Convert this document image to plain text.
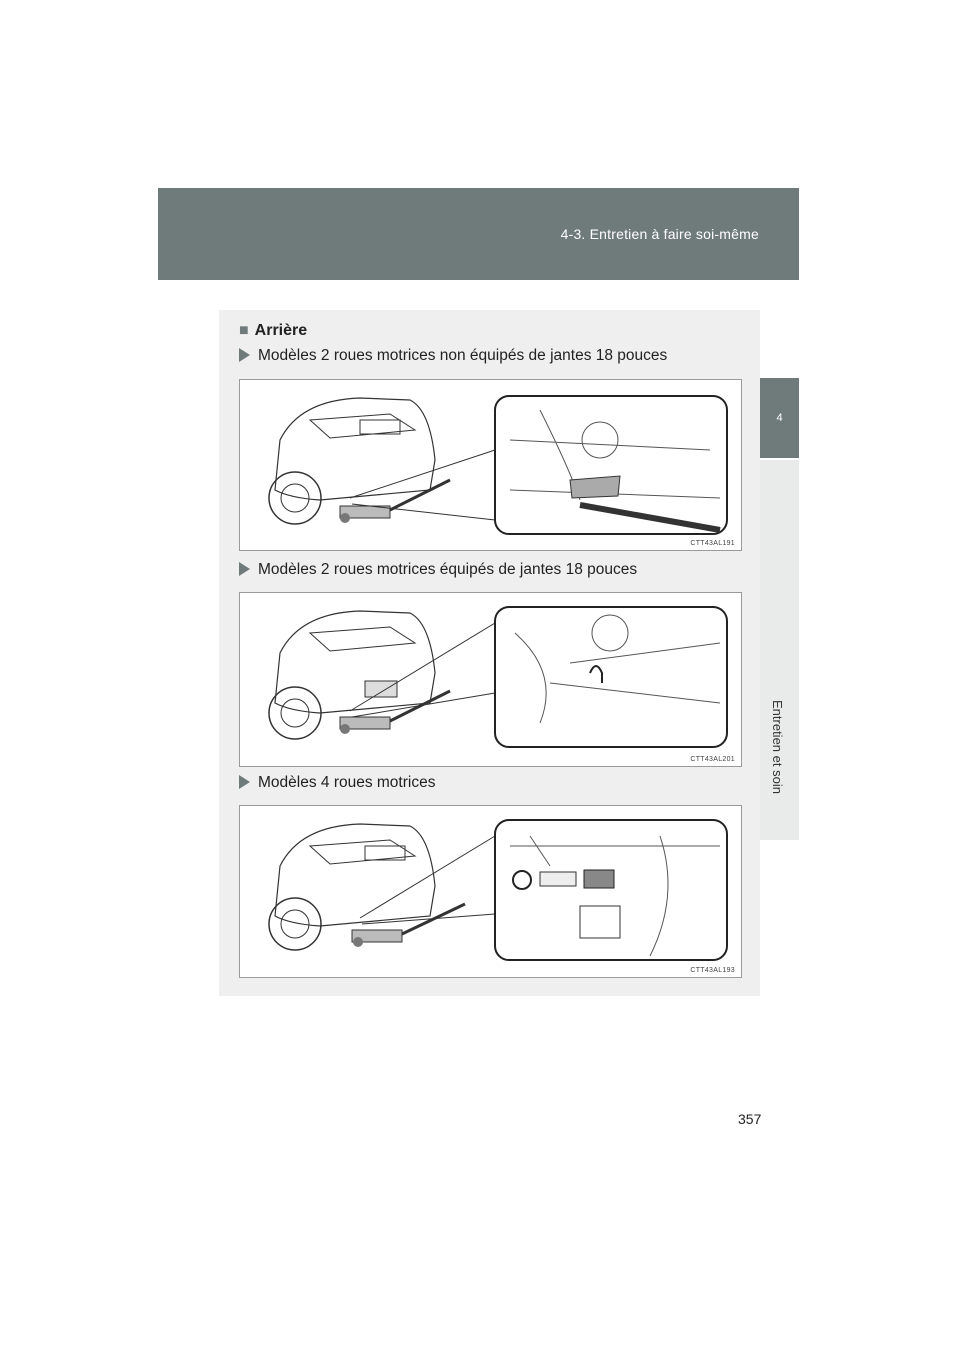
4-3. Entretien à faire soi-même
4
Entretien et soin
■ Arrière
Modèles 2 roues motrices non équipés de jantes 18 pouces
CTT43AL191
Modèles 2 roues motrices équipés de jantes 18 pouces
CTT43AL201
Modèles 4 roues motrices
CTT43AL193
357
